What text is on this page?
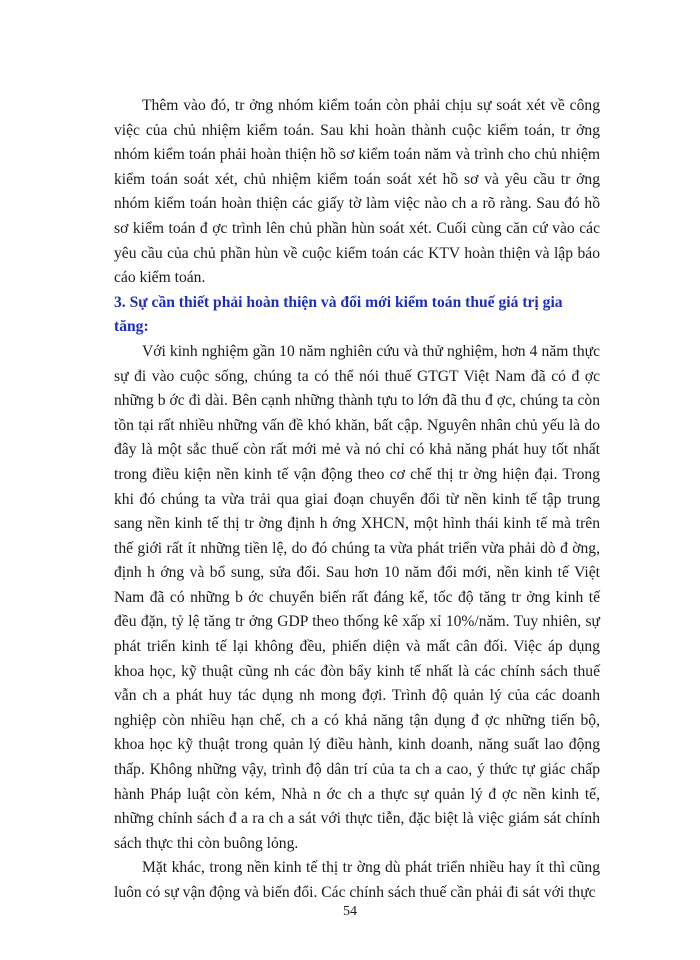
Thêm vào đó, tr ởng nhóm kiểm toán còn phải chịu sự soát xét về công việc của chủ nhiệm kiểm toán. Sau khi hoàn thành cuộc kiểm toán, tr ởng nhóm kiểm toán phải hoàn thiện hồ sơ kiểm toán năm và trình cho chủ nhiệm kiểm toán soát xét, chủ nhiệm kiểm toán soát xét hồ sơ và yêu cầu tr ởng nhóm kiểm toán hoàn thiện các giấy tờ làm việc nào ch a rõ ràng. Sau đó hồ sơ kiểm toán đ ợc trình lên chủ phần hùn soát xét. Cuối cùng căn cứ vào các yêu cầu của chủ phần hùn về cuộc kiểm toán các KTV hoàn thiện và lập báo cáo kiểm toán.

3. Sự cần thiết phải hoàn thiện và đổi mới kiểm toán thuế giá trị gia tăng:

Với kinh nghiệm gần 10 năm nghiên cứu và thử nghiệm, hơn 4 năm thực sự đi vào cuộc sống, chúng ta có thể nói thuế GTGT Việt Nam đã có đ ợc những b ớc đi dài. Bên cạnh những thành tựu to lớn đã thu đ ợc, chúng ta còn tồn tại rất nhiều những vấn đề khó khăn, bất cập. Nguyên nhân chủ yếu là do đây là một sắc thuế còn rất mới mẻ và nó chỉ có khả năng phát huy tốt nhất trong điều kiện nền kinh tế vận động theo cơ chế thị tr ờng hiện đại. Trong khi đó chúng ta vừa trải qua giai đoạn chuyển đổi từ nền kinh tế tập trung sang nền kinh tế thị tr ờng định h ớng XHCN, một hình thái kinh tế mà trên thế giới rất ít những tiền lệ, do đó chúng ta vừa phát triển vừa phải dò đ ờng, định h ớng và bổ sung, sửa đổi. Sau hơn 10 năm đổi mới, nền kinh tế Việt Nam đã có những b ớc chuyển biến rất đáng kể, tốc độ tăng tr ởng kinh tế đều đặn, tỷ lệ tăng tr ởng GDP theo thống kê xấp xỉ 10%/năm. Tuy nhiên, sự phát triển kinh tế lại không đều, phiến diện và mất cân đối. Việc áp dụng khoa học, kỹ thuật cũng nh các đòn bẩy kinh tế nhất là các chính sách thuế vẫn ch a phát huy tác dụng nh mong đợi. Trình độ quản lý của các doanh nghiệp còn nhiều hạn chế, ch a có khả năng tận dụng đ ợc những tiến bộ, khoa học kỹ thuật trong quản lý điều hành, kinh doanh, năng suất lao động thấp. Không những vậy, trình độ dân trí của ta ch a cao, ý thức tự giác chấp hành Pháp luật còn kém, Nhà n ớc ch a thực sự quản lý đ ợc nền kinh tế, những chính sách đ a ra ch a sát với thực tiễn, đặc biệt là việc giám sát chính sách thực thi còn buông lỏng.

Mặt khác, trong nền kinh tế thị tr ờng dù phát triển nhiều hay ít thì cũng luôn có sự vận động và biến đổi. Các chính sách thuế cần phải đi sát với thực

54
